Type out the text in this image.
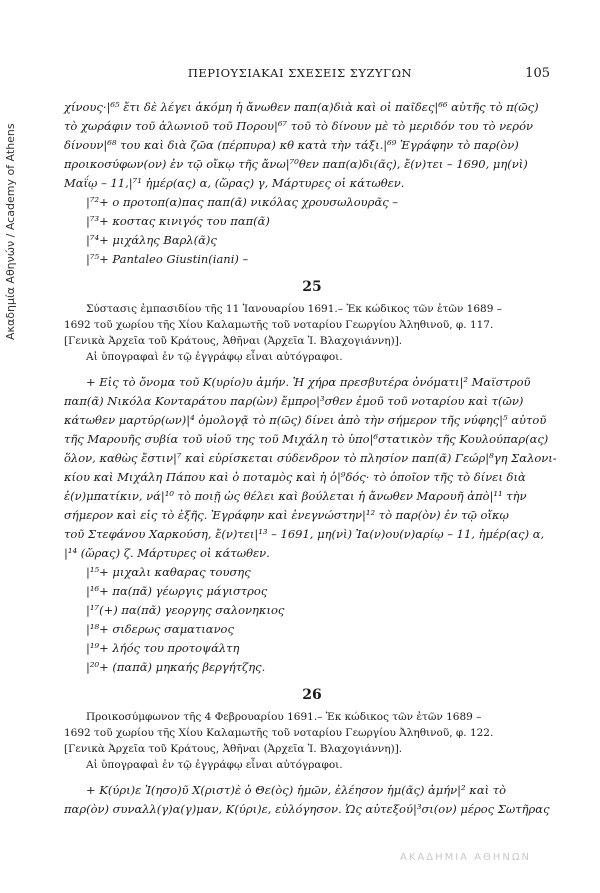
Ακαδημία Αθηνών / Academy of Athens
ΠΕΡΙΟΥΣΙΑΚΑΙ ΣΧΕΣΕΙΣ ΣΥΖΥΓΩΝ	105
χίνους·|⁶⁵ ἔτι δὲ λέγει ἀκόμη ἡ ἄνωθεν παπ(α)διὰ καὶ οἱ παῖδες|⁶⁶ αὐτῆς τὸ π(ῶς)
τὸ χωράφιν τοῦ ἁλωνιοῦ τοῦ Πορου|⁶⁷ τοῦ τὸ δίνουν μὲ τὸ μεριδόν του τὸ νερόν
δίνουν|⁶⁸ του καὶ διὰ ζῶα (πέρπυρα) κθ κατὰ τὴν τάξι.|⁶⁹ Ἐγράφην τὸ παρ(ὸν)
προικοσύφων(ον) ἐν τῷ οἴκῳ τῆς ἄνω|⁷⁰θεν παπ(α)δι(ᾶς), ἔ(ν)τει – 1690, μη(νὶ)
Μαΐῳ – 11,|⁷¹ ἡμέρ(ας) α, (ὥρας) γ, Μάρτυρες οἱ κάτωθεν.
|⁷²+ ο προτοπ(α)πας παπ(ᾶ) νικόλας χρουσωλουρᾶς –
|⁷³+ κοστας κινιγός του παπ(ᾶ)
|⁷⁴+ μιχάλης Βαρλ(ᾶ)ς
|⁷⁵+ Pantaleo Giustin(iani) –
25
Σύστασις ἐμπασιδίου τῆς 11 Ἰανουαρίου 1691.– Ἐκ κώδικος τῶν ἐτῶν 1689 –
1692 τοῦ χωρίου τῆς Χίου Καλαμωτῆς τοῦ νοταρίου Γεωργίου Ἀληθινοῦ, φ. 117.
[Γενικὰ Ἀρχεῖα τοῦ Κράτους, Ἀθῆναι (Ἀρχεῖα Ἰ. Βλαχογιάννη)].
Αἱ ὑπογραφαὶ ἐν τῷ ἐγγράφῳ εἶναι αὐτόγραφοι.
+ Εἰς τὸ ὄνομα τοῦ Κ(υρίο)υ ἀμήν. Ἡ χήρα πρεσβυτέρα ὀνόματι|² Μαϊστροῦ
παπ(ᾶ) Νικόλα Κονταράτου παρ(ὼν) ἔμπρο|³σθεν ἐμοῦ τοῦ νοταρίου καὶ τ(ῶν)
κάτωθεν μαρτύρ(ων)|⁴ ὁμολογᾷ τὸ π(ῶς) δίνει ἀπὸ τὴν σήμερον τῆς νύφης|⁵ αὐτοῦ
τῆς Μαρουῆς συβία τοῦ υἱοῦ της τοῦ Μιχάλη τὸ ὑπο|⁶στατικὸν τῆς Κουλούπαρ(ας)
ὅλον, καθὼς ἔστιν|⁷ καὶ εὑρίσκεται σύδενδρον τὸ πλησίον παπ(ᾶ) Γεώρ|⁸γη Σαλονι-
κίου καὶ Μιχάλη Πάπου καὶ ὁ ποταμὸς καὶ ἡ ὁ|⁹δός· τὸ ὁποῖον τῆς τὸ δίνει διὰ
ἐ(ν)μπατίκιν, νά|¹⁰ τὸ ποιῇ ὡς θέλει καὶ βούλεται ἡ ἄνωθεν Μαρουῆ ἀπὸ|¹¹ τὴν
σήμερον καὶ εἰς τὸ ἑξῆς. Ἐγράφην καὶ ἐνεγνώστην|¹² τὸ παρ(ὸν) ἐν τῷ οἴκῳ
τοῦ Στεφάνου Χαρκούση, ἔ(ν)τει|¹³ – 1691, μη(νὶ) Ἰα(ν)ου(ν)αρίῳ – 11, ἡμέρ(ας) α,
|¹⁴ (ὥρας) ζ. Μάρτυρες οἱ κάτωθεν.
|¹⁵+ μιχαλι καθαρας τουσης
|¹⁶+ πα(πᾶ) γέωργις μάγιστρος
|¹⁷(+) πα(πᾶ) γεοργης σαλονηκιος
|¹⁸+ σιδερως σαματιανος
|¹⁹+ λήός του προτοψάλτη
|²⁰+ (παπᾶ) μηκαής βεργήτζης.
26
Προικοσύμφωνον τῆς 4 Φεβρουαρίου 1691.– Ἐκ κώδικος τῶν ἐτῶν 1689 –
1692 τοῦ χωρίου τῆς Χίου Καλαμωτῆς τοῦ νοταρίου Γεωργίου Ἀληθινοῦ, φ. 122.
[Γενικὰ Ἀρχεῖα τοῦ Κράτους, Ἀθῆναι (Ἀρχεῖα Ἰ. Βλαχογιάννη)].
Αἱ ὑπογραφαὶ ἐν τῷ ἐγγράφῳ εἶναι αὐτόγραφοι.
+ Κ(ύρι)ε Ἰ(ησο)ῦ Χ(ριστ)ὲ ὁ Θε(ὸς) ἡμῶν, ἐλέησον ἡμ(ᾶς) ἀμήν|² καὶ τὸ
παρ(ὸν) συναλλ(γ)α(γ)μαν, Κ(ύρι)ε, εὐλόγησον. Ὡς αὐτεξού|³σι(ον) μέρος Σωτῆρας
ΑΚΑΔΗΜΙΑ ΑΘΗΝΩΝ
